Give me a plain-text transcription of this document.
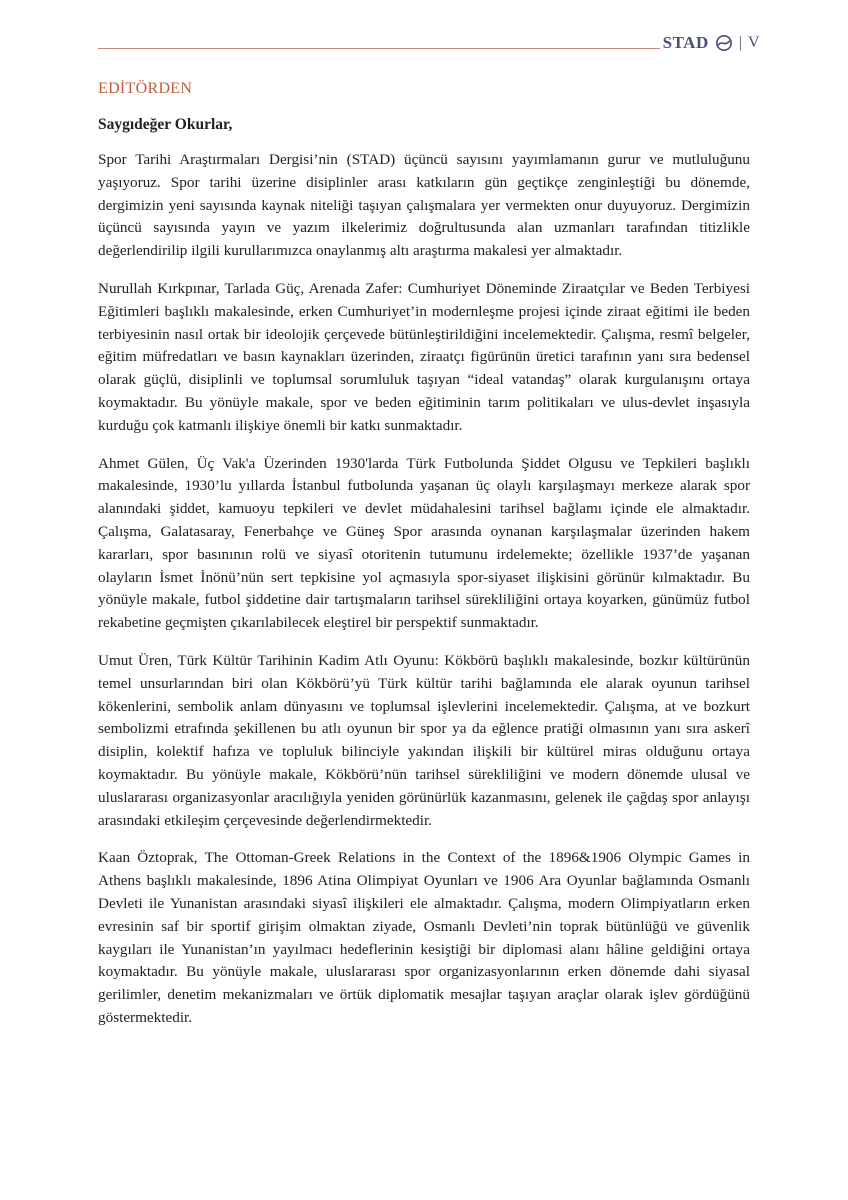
STAD | V
EDİTÖRDEN
Saygıdeğer Okurlar,

Spor Tarihi Araştırmaları Dergisi’nin (STAD) üçüncü sayısını yayımlamanın gurur ve mutluluğunu yaşıyoruz. Spor tarihi üzerine disiplinler arası katkıların gün geçtikçe zenginleştiği bu dönemde, dergimizin yeni sayısında kaynak niteliği taşıyan çalışmalara yer vermekten onur duyuyoruz. Dergimizin üçüncü sayısında yayın ve yazım ilkelerimiz doğrultusunda alan uzmanları tarafından titizlikle değerlendirilip ilgili kurullarımızca onaylanmış altı araştırma makalesi yer almaktadır.

Nurullah Kırkpınar, Tarlada Güç, Arenada Zafer: Cumhuriyet Döneminde Ziraatçılar ve Beden Terbiyesi Eğitimleri başlıklı makalesinde, erken Cumhuriyet’in modernleşme projesi içinde ziraat eğitimi ile beden terbiyesinin nasıl ortak bir ideolojik çerçevede bütünleştirildiğini incelemektedir. Çalışma, resmî belgeler, eğitim müfredatları ve basın kaynakları üzerinden, ziraatçı figürünün üretici tarafının yanı sıra bedensel olarak güçlü, disiplinli ve toplumsal sorumluluk taşıyan “ideal vatandaş” olarak kurgulanışını ortaya koymaktadır. Bu yönüyle makale, spor ve beden eğitiminin tarım politikaları ve ulus-devlet inşasıyla kurduğu çok katmanlı ilişkiye önemli bir katkı sunmaktadır.

Ahmet Gülen, Üç Vak'a Üzerinden 1930'larda Türk Futbolunda Şiddet Olgusu ve Tepkileri başlıklı makalesinde, 1930’lu yıllarda İstanbul futbolunda yaşanan üç olaylı karşılaşmayı merkeze alarak spor alanındaki şiddet, kamuoyu tepkileri ve devlet müdahalesini tarihsel bağlamı içinde ele almaktadır. Çalışma, Galatasaray, Fenerbahçe ve Güneş Spor arasında oynanan karşılaşmalar üzerinden hakem kararları, spor basınının rolü ve siyasî otoritenin tutumunu irdelemekte; özellikle 1937’de yaşanan olayların İsmet İnönü’nün sert tepkisine yol açmasıyla spor-siyaset ilişkisini görünür kılmaktadır. Bu yönüyle makale, futbol şiddetine dair tartışmaların tarihsel sürekliliğini ortaya koyarken, günümüz futbol rekabetine geçmişten çıkarılabilecek eleştirel bir perspektif sunmaktadır.

Umut Üren, Türk Kültür Tarihinin Kadim Atlı Oyunu: Kökbörü başlıklı makalesinde, bozkır kültürünün temel unsurlarından biri olan Kökbörü’yü Türk kültür tarihi bağlamında ele alarak oyunun tarihsel kökenlerini, sembolik anlam dünyasını ve toplumsal işlevlerini incelemektedir. Çalışma, at ve bozkurt sembolizmi etrafında şekillenen bu atlı oyunun bir spor ya da eğlence pratiği olmasının yanı sıra askerî disiplin, kolektif hafıza ve topluluk bilinciyle yakından ilişkili bir kültürel miras olduğunu ortaya koymaktadır. Bu yönüyle makale, Kökbörü’nün tarihsel sürekliliğini ve modern dönemde ulusal ve uluslararası organizasyonlar aracılığıyla yeniden görünürlük kazanmasını, gelenek ile çağdaş spor anlayışı arasındaki etkileşim çerçevesinde değerlendirmektedir.

Kaan Öztoprak, The Ottoman-Greek Relations in the Context of the 1896&1906 Olympic Games in Athens başlıklı makalesinde, 1896 Atina Olimpiyat Oyunları ve 1906 Ara Oyunlar bağlamında Osmanlı Devleti ile Yunanistan arasındaki siyasî ilişkileri ele almaktadır. Çalışma, modern Olimpiyatların erken evresinin saf bir sportif girişim olmaktan ziyade, Osmanlı Devleti’nin toprak bütünlüğü ve güvenlik kaygıları ile Yunanistan’ın yayılmacı hedeflerinin kesiştiği bir diplomasi alanı hâline geldiğini ortaya koymaktadır. Bu yönüyle makale, uluslararası spor organizasyonlarının erken dönemde dahi siyasal gerilimler, denetim mekanizmaları ve örtük diplomatik mesajlar taşıyan araçlar olarak işlev gördüğünü göstermektedir.
